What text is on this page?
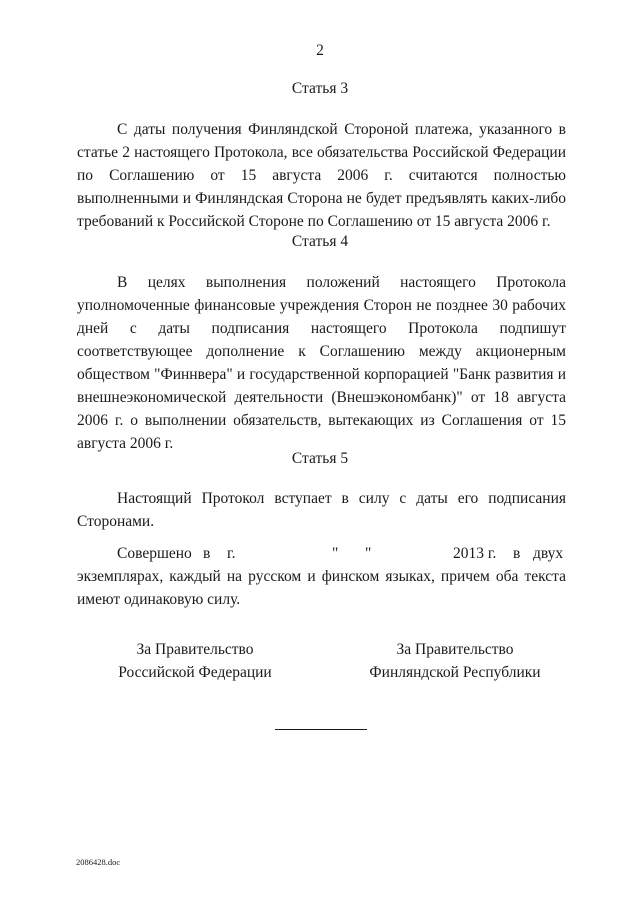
2
Статья 3
С даты получения Финляндской Стороной платежа, указанного в статье 2 настоящего Протокола, все обязательства Российской Федерации по Соглашению от 15 августа 2006 г. считаются полностью выполненными и Финляндская Сторона не будет предъявлять каких-либо требований к Российской Стороне по Соглашению от 15 августа 2006 г.
Статья 4
В целях выполнения положений настоящего Протокола уполномоченные финансовые учреждения Сторон не позднее 30 рабочих дней с даты подписания настоящего Протокола подпишут соответствующее дополнение к Соглашению между акционерным обществом "Финнвера" и государственной корпорацией "Банк развития и внешнеэкономической деятельности (Внешэкономбанк)" от 18 августа 2006 г. о выполнении обязательств, вытекающих из Соглашения от 15 августа 2006 г.
Статья 5
Настоящий Протокол вступает в силу с даты его подписания Сторонами.
Совершено в г.	" "	2013 г. в двух
экземплярах, каждый на русском и финском языках, причем оба текста имеют одинаковую силу.
За Правительство
Российской Федерации
За Правительство
Финляндской Республики
2086428.doc
